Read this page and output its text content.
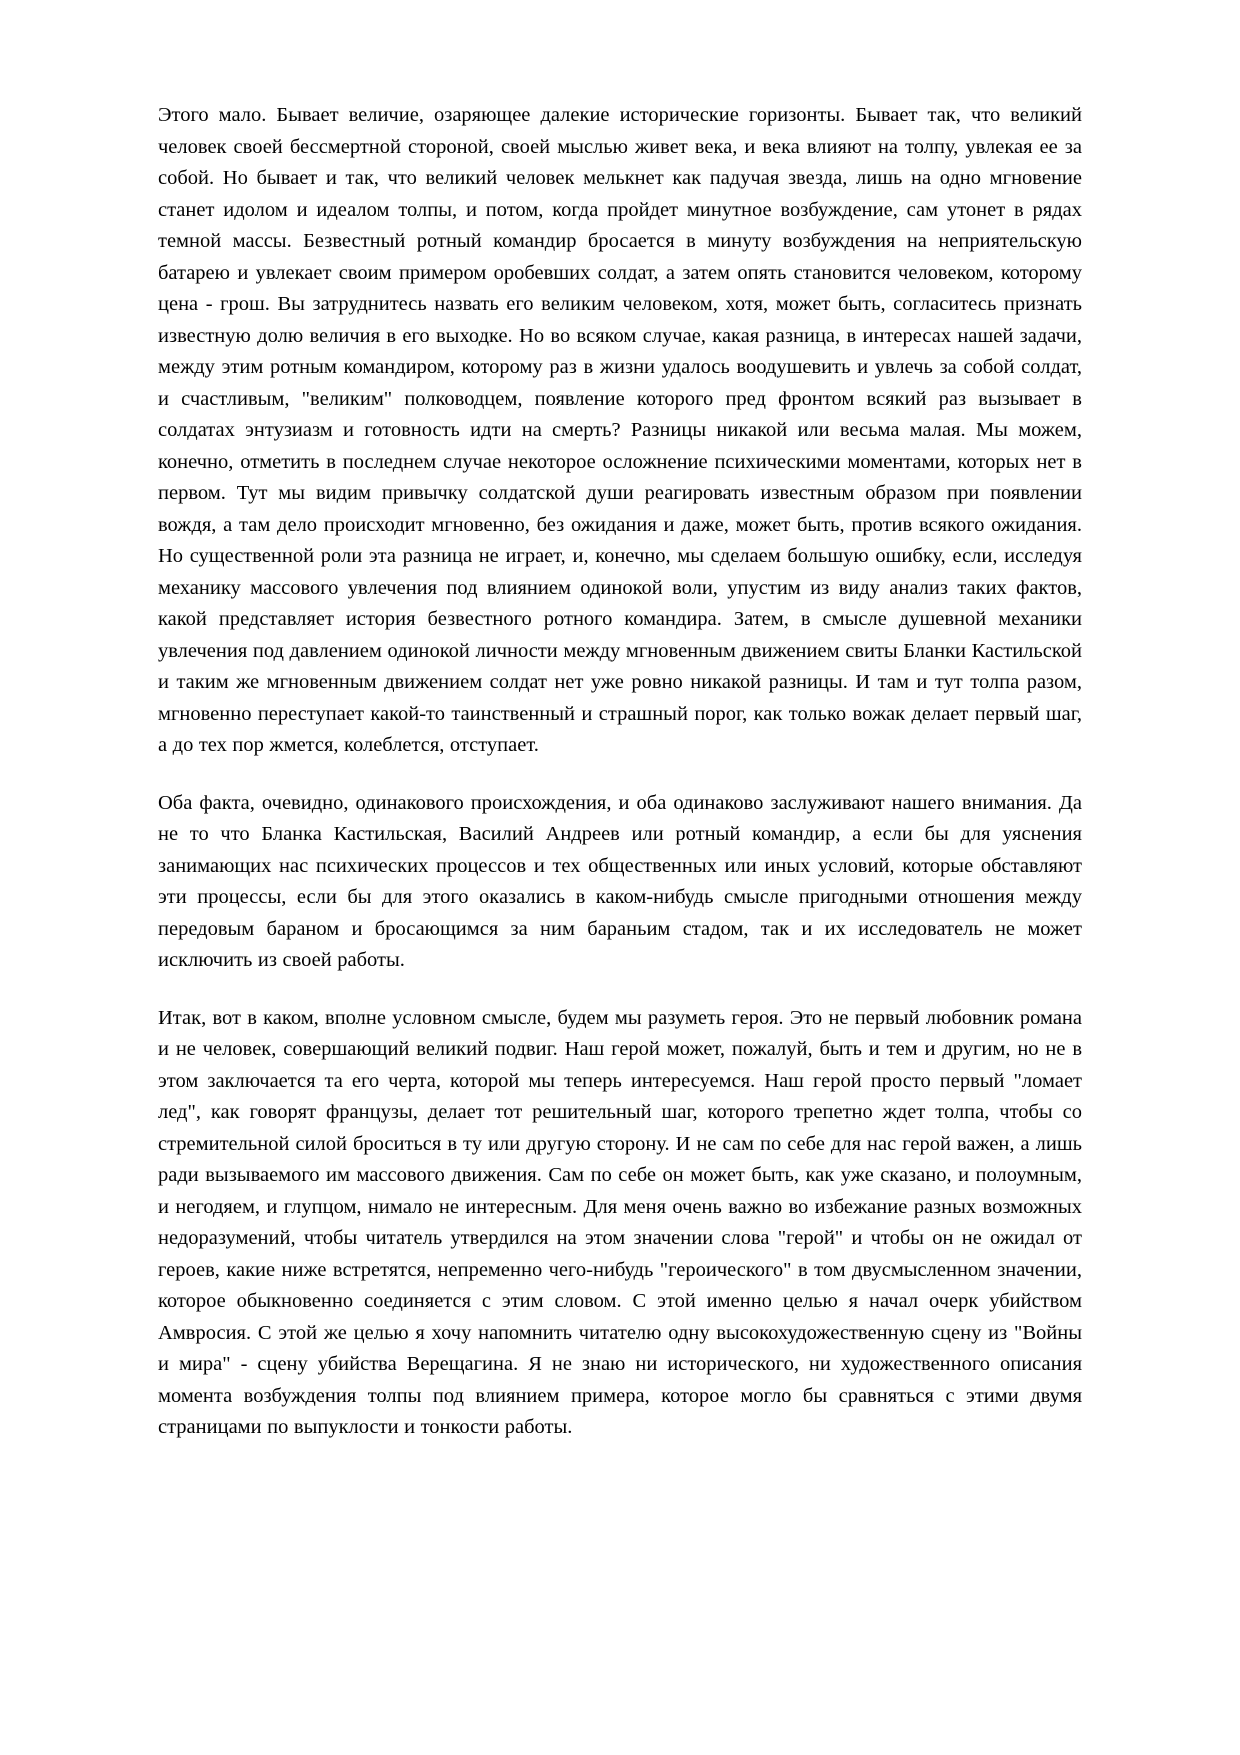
Этого мало. Бывает величие, озаряющее далекие исторические горизонты. Бывает так, что великий человек своей бессмертной стороной, своей мыслью живет века, и века влияют на толпу, увлекая ее за собой. Но бывает и так, что великий человек мелькнет как падучая звезда, лишь на одно мгновение станет идолом и идеалом толпы, и потом, когда пройдет минутное возбуждение, сам утонет в рядах темной массы. Безвестный ротный командир бросается в минуту возбуждения на неприятельскую батарею и увлекает своим примером оробевших солдат, а затем опять становится человеком, которому цена - грош. Вы затруднитесь назвать его великим человеком, хотя, может быть, согласитесь признать известную долю величия в его выходке. Но во всяком случае, какая разница, в интересах нашей задачи, между этим ротным командиром, которому раз в жизни удалось воодушевить и увлечь за собой солдат, и счастливым, "великим" полководцем, появление которого пред фронтом всякий раз вызывает в солдатах энтузиазм и готовность идти на смерть? Разницы никакой или весьма малая. Мы можем, конечно, отметить в последнем случае некоторое осложнение психическими моментами, которых нет в первом. Тут мы видим привычку солдатской души реагировать известным образом при появлении вождя, а там дело происходит мгновенно, без ожидания и даже, может быть, против всякого ожидания. Но существенной роли эта разница не играет, и, конечно, мы сделаем большую ошибку, если, исследуя механику массового увлечения под влиянием одинокой воли, упустим из виду анализ таких фактов, какой представляет история безвестного ротного командира. Затем, в смысле душевной механики увлечения под давлением одинокой личности между мгновенным движением свиты Бланки Кастильской и таким же мгновенным движением солдат нет уже ровно никакой разницы. И там и тут толпа разом, мгновенно переступает какой-то таинственный и страшный порог, как только вожак делает первый шаг, а до тех пор жмется, колеблется, отступает.

Оба факта, очевидно, одинакового происхождения, и оба одинаково заслуживают нашего внимания. Да не то что Бланка Кастильская, Василий Андреев или ротный командир, а если бы для уяснения занимающих нас психических процессов и тех общественных или иных условий, которые обставляют эти процессы, если бы для этого оказались в каком-нибудь смысле пригодными отношения между передовым бараном и бросающимся за ним бараньим стадом, так и их исследователь не может исключить из своей работы.

Итак, вот в каком, вполне условном смысле, будем мы разуметь героя. Это не первый любовник романа и не человек, совершающий великий подвиг. Наш герой может, пожалуй, быть и тем и другим, но не в этом заключается та его черта, которой мы теперь интересуемся. Наш герой просто первый "ломает лед", как говорят французы, делает тот решительный шаг, которого трепетно ждет толпа, чтобы со стремительной силой броситься в ту или другую сторону. И не сам по себе для нас герой важен, а лишь ради вызываемого им массового движения. Сам по себе он может быть, как уже сказано, и полоумным, и негодяем, и глупцом, нимало не интересным. Для меня очень важно во избежание разных возможных недоразумений, чтобы читатель утвердился на этом значении слова "герой" и чтобы он не ожидал от героев, какие ниже встретятся, непременно чего-нибудь "героического" в том двусмысленном значении, которое обыкновенно соединяется с этим словом. С этой именно целью я начал очерк убийством Амвросия. С этой же целью я хочу напомнить читателю одну высокохудожественную сцену из "Войны и мира" - сцену убийства Верещагина. Я не знаю ни исторического, ни художественного описания момента возбуждения толпы под влиянием примера, которое могло бы сравняться с этими двумя страницами по выпуклости и тонкости работы.
